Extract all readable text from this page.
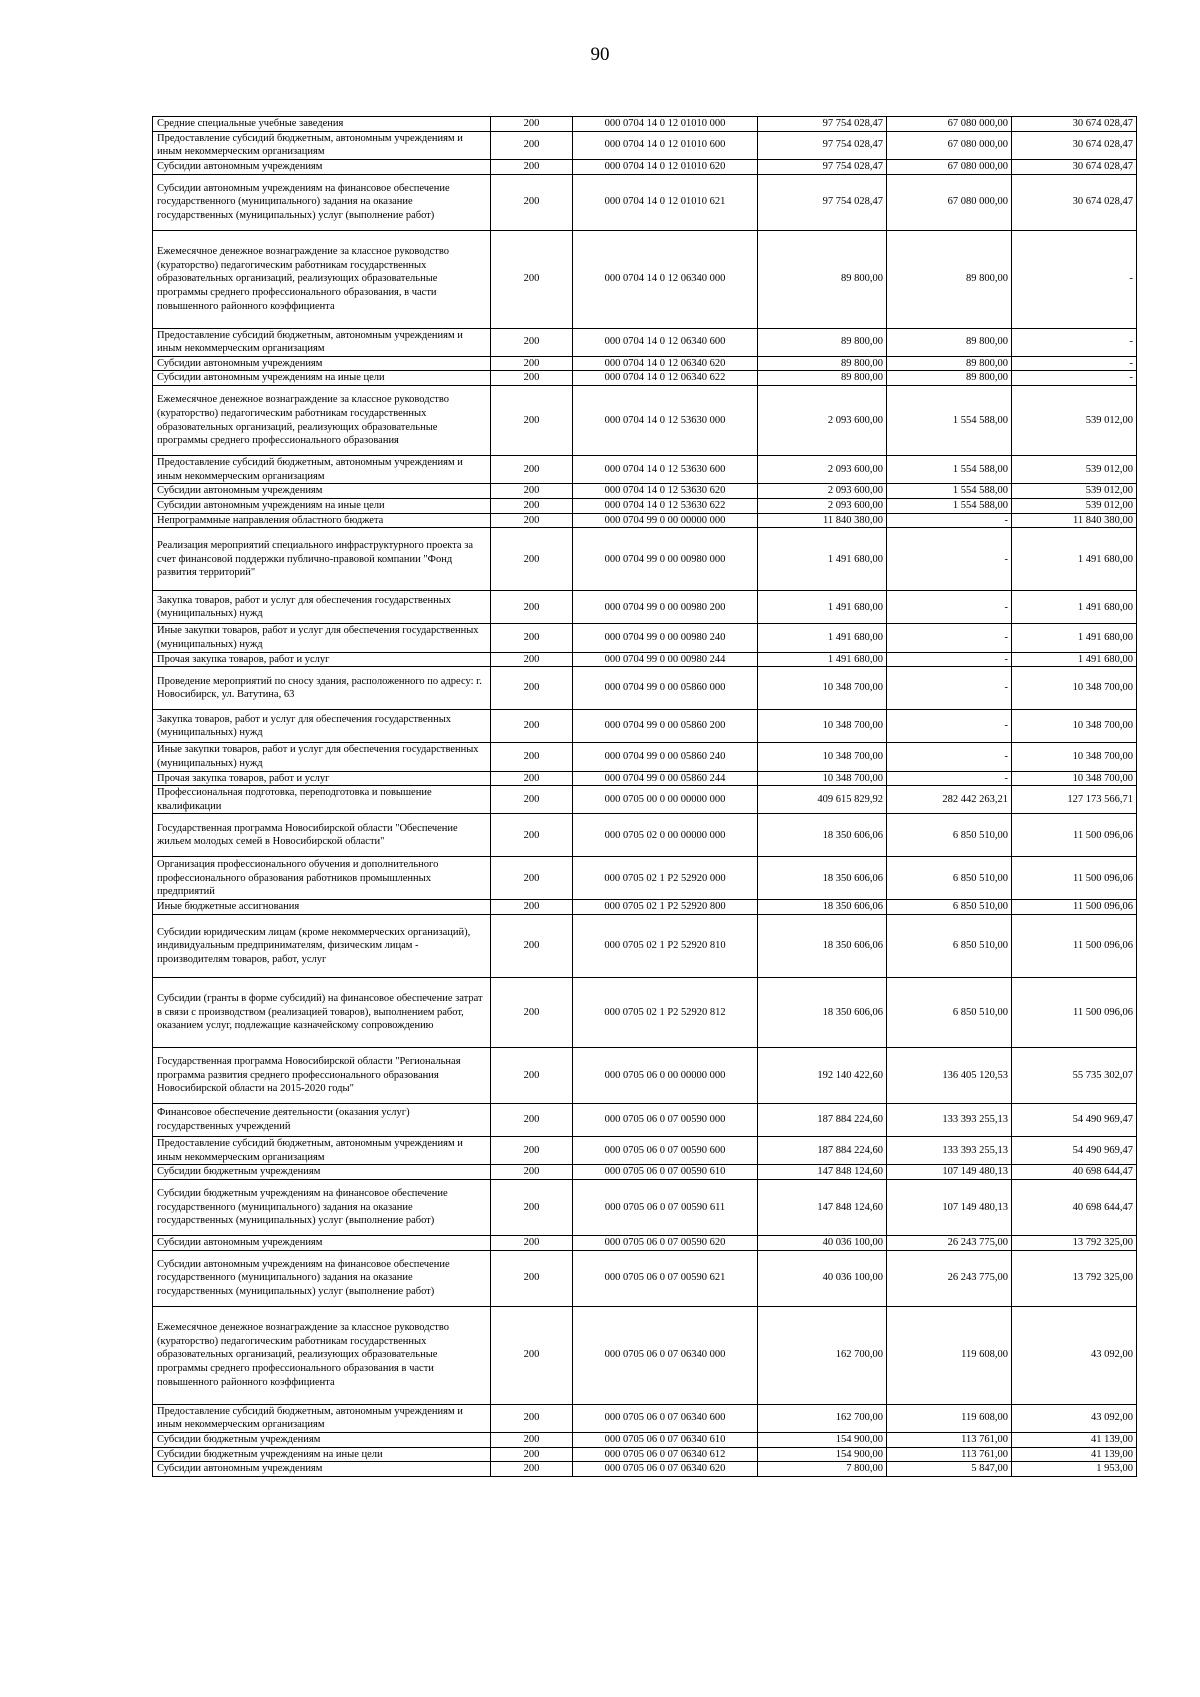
90
Средние специальные учебные заведения	200	000 0704 14 0 12 01010 000	97 754 028,47	67 080 000,00	30 674 028,47
Предоставление субсидий бюджетным, автономным учреждениям и иным некоммерческим организациям	200	000 0704 14 0 12 01010 600	97 754 028,47	67 080 000,00	30 674 028,47
Субсидии автономным учреждениям	200	000 0704 14 0 12 01010 620	97 754 028,47	67 080 000,00	30 674 028,47
Субсидии автономным учреждениям на финансовое обеспечение государственного (муниципального) задания на оказание государственных (муниципальных) услуг (выполнение работ)	200	000 0704 14 0 12 01010 621	97 754 028,47	67 080 000,00	30 674 028,47
Ежемесячное денежное вознаграждение за классное руководство (кураторство) педагогическим работникам государственных образовательных организаций, реализующих образовательные программы среднего профессионального образования, в части повышенного районного коэффициента	200	000 0704 14 0 12 06340 000	89 800,00	89 800,00	-
Предоставление субсидий бюджетным, автономным учреждениям и иным некоммерческим организациям	200	000 0704 14 0 12 06340 600	89 800,00	89 800,00	-
Субсидии автономным учреждениям	200	000 0704 14 0 12 06340 620	89 800,00	89 800,00	-
Субсидии автономным учреждениям на иные цели	200	000 0704 14 0 12 06340 622	89 800,00	89 800,00	-
Ежемесячное денежное вознаграждение за классное руководство (кураторство) педагогическим работникам государственных образовательных организаций, реализующих образовательные программы среднего профессионального образования	200	000 0704 14 0 12 53630 000	2 093 600,00	1 554 588,00	539 012,00
Предоставление субсидий бюджетным, автономным учреждениям и иным некоммерческим организациям	200	000 0704 14 0 12 53630 600	2 093 600,00	1 554 588,00	539 012,00
Субсидии автономным учреждениям	200	000 0704 14 0 12 53630 620	2 093 600,00	1 554 588,00	539 012,00
Субсидии автономным учреждениям на иные цели	200	000 0704 14 0 12 53630 622	2 093 600,00	1 554 588,00	539 012,00
Непрограммные направления областного бюджета	200	000 0704 99 0 00 00000 000	11 840 380,00	-	11 840 380,00
Реализация мероприятий специального инфраструктурного проекта за счет финансовой поддержки публично-правовой компании "Фонд развития территорий"	200	000 0704 99 0 00 00980 000	1 491 680,00	-	1 491 680,00
Закупка товаров, работ и услуг для обеспечения государственных (муниципальных) нужд	200	000 0704 99 0 00 00980 200	1 491 680,00	-	1 491 680,00
Иные закупки товаров, работ и услуг для обеспечения государственных (муниципальных) нужд	200	000 0704 99 0 00 00980 240	1 491 680,00	-	1 491 680,00
Прочая закупка товаров, работ и услуг	200	000 0704 99 0 00 00980 244	1 491 680,00	-	1 491 680,00
Проведение мероприятий по сносу здания, расположенного по адресу: г. Новосибирск, ул. Ватутина, 63	200	000 0704 99 0 00 05860 000	10 348 700,00	-	10 348 700,00
Закупка товаров, работ и услуг для обеспечения государственных (муниципальных) нужд	200	000 0704 99 0 00 05860 200	10 348 700,00	-	10 348 700,00
Иные закупки товаров, работ и услуг для обеспечения государственных (муниципальных) нужд	200	000 0704 99 0 00 05860 240	10 348 700,00	-	10 348 700,00
Прочая закупка товаров, работ и услуг	200	000 0704 99 0 00 05860 244	10 348 700,00	-	10 348 700,00
Профессиональная подготовка, переподготовка и повышение квалификации	200	000 0705 00 0 00 00000 000	409 615 829,92	282 442 263,21	127 173 566,71
Государственная программа Новосибирской области "Обеспечение жильем молодых семей в Новосибирской области"	200	000 0705 02 0 00 00000 000	18 350 606,06	6 850 510,00	11 500 096,06
Организация профессионального обучения и дополнительного профессионального образования работников промышленных предприятий	200	000 0705 02 1 P2 52920 000	18 350 606,06	6 850 510,00	11 500 096,06
Иные бюджетные ассигнования	200	000 0705 02 1 P2 52920 800	18 350 606,06	6 850 510,00	11 500 096,06
Субсидии юридическим лицам (кроме некоммерческих организаций), индивидуальным предпринимателям, физическим лицам - производителям товаров, работ, услуг	200	000 0705 02 1 P2 52920 810	18 350 606,06	6 850 510,00	11 500 096,06
Субсидии (гранты в форме субсидий) на финансовое обеспечение затрат в связи с производством (реализацией товаров), выполнением работ, оказанием услуг, подлежащие казначейскому сопровождению	200	000 0705 02 1 P2 52920 812	18 350 606,06	6 850 510,00	11 500 096,06
Государственная программа Новосибирской области "Региональная программа развития среднего профессионального образования Новосибирской области на 2015-2020 годы"	200	000 0705 06 0 00 00000 000	192 140 422,60	136 405 120,53	55 735 302,07
Финансовое обеспечение деятельности (оказания услуг) государственных учреждений	200	000 0705 06 0 07 00590 000	187 884 224,60	133 393 255,13	54 490 969,47
Предоставление субсидий бюджетным, автономным учреждениям и иным некоммерческим организациям	200	000 0705 06 0 07 00590 600	187 884 224,60	133 393 255,13	54 490 969,47
Субсидии бюджетным учреждениям	200	000 0705 06 0 07 00590 610	147 848 124,60	107 149 480,13	40 698 644,47
Субсидии бюджетным учреждениям на финансовое обеспечение государственного (муниципального) задания на оказание государственных (муниципальных) услуг (выполнение работ)	200	000 0705 06 0 07 00590 611	147 848 124,60	107 149 480,13	40 698 644,47
Субсидии автономным учреждениям	200	000 0705 06 0 07 00590 620	40 036 100,00	26 243 775,00	13 792 325,00
Субсидии автономным учреждениям на финансовое обеспечение государственного (муниципального) задания на оказание государственных (муниципальных) услуг (выполнение работ)	200	000 0705 06 0 07 00590 621	40 036 100,00	26 243 775,00	13 792 325,00
Ежемесячное денежное вознаграждение за классное руководство (кураторство) педагогическим работникам государственных образовательных организаций, реализующих образовательные программы среднего профессионального образования в части повышенного районного коэффициента	200	000 0705 06 0 07 06340 000	162 700,00	119 608,00	43 092,00
Предоставление субсидий бюджетным, автономным учреждениям и иным некоммерческим организациям	200	000 0705 06 0 07 06340 600	162 700,00	119 608,00	43 092,00
Субсидии бюджетным учреждениям	200	000 0705 06 0 07 06340 610	154 900,00	113 761,00	41 139,00
Субсидии бюджетным учреждениям на иные цели	200	000 0705 06 0 07 06340 612	154 900,00	113 761,00	41 139,00
Субсидии автономным учреждениям	200	000 0705 06 0 07 06340 620	7 800,00	5 847,00	1 953,00
